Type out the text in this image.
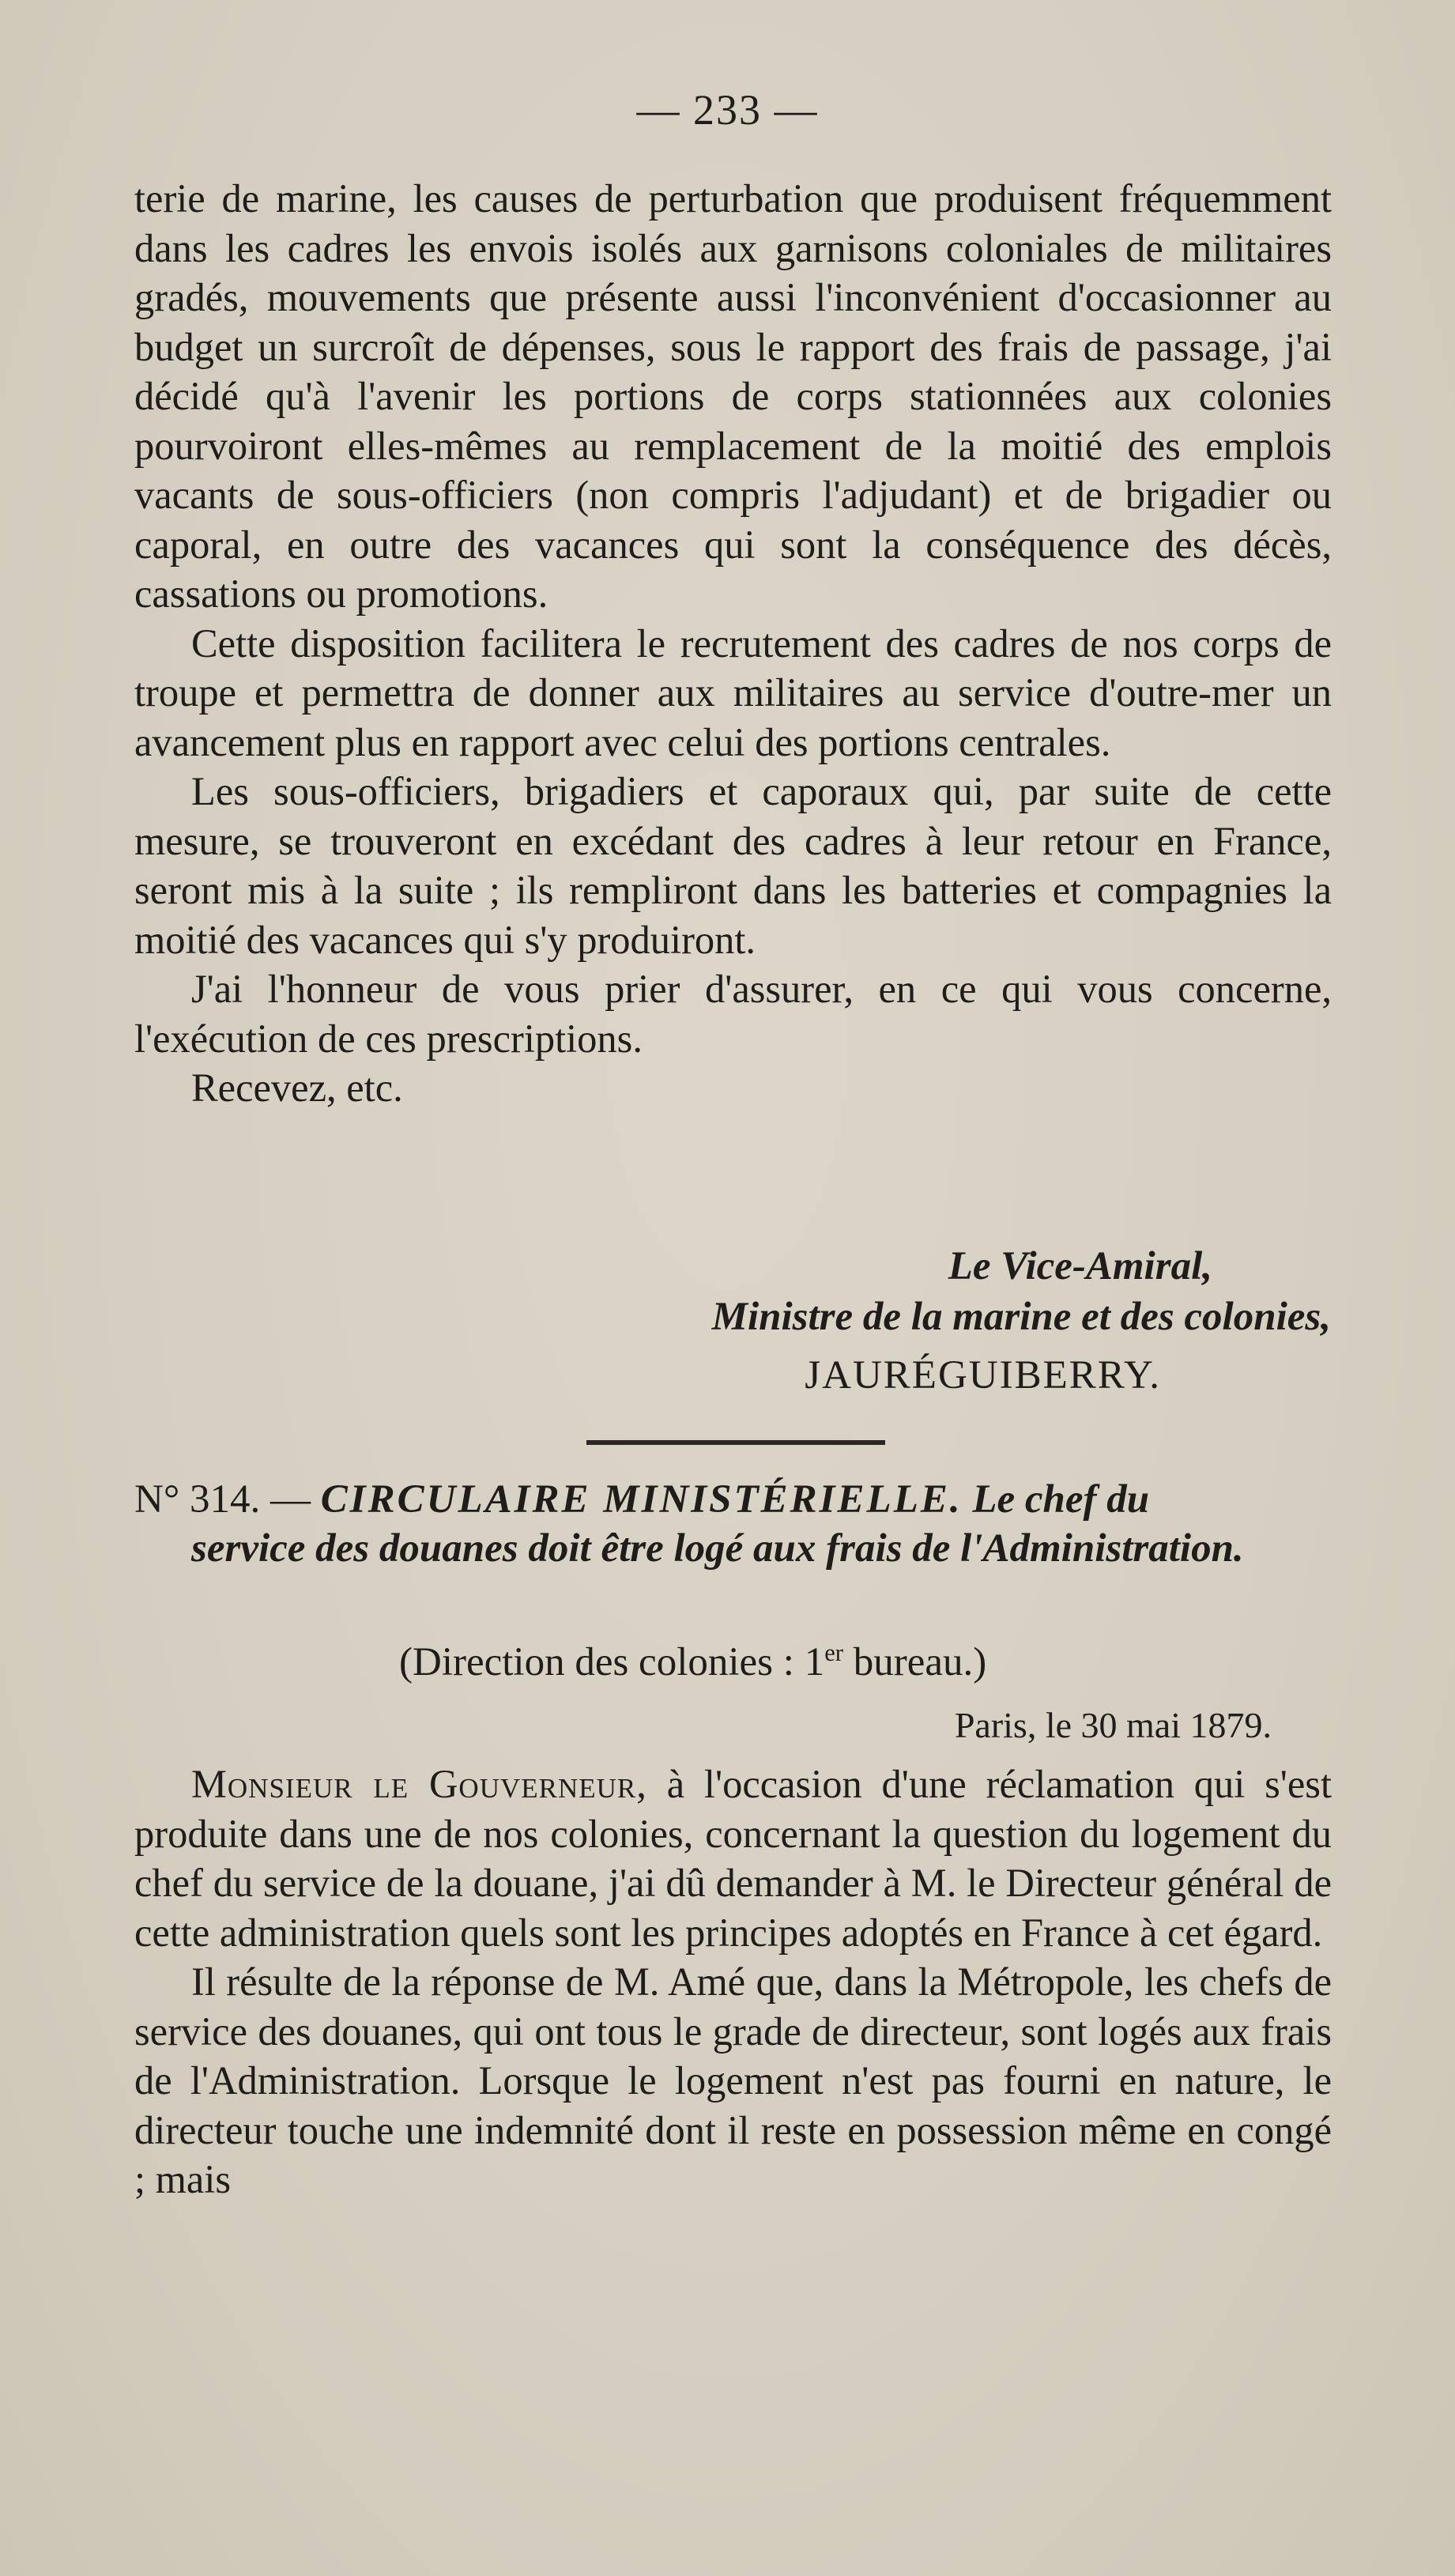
— 233 —

terie de marine, les causes de perturbation que produisent fréquemment dans les cadres les envois isolés aux garnisons coloniales de militaires gradés, mouvements que présente aussi l'inconvénient d'occasionner au budget un surcroît de dépenses, sous le rapport des frais de passage, j'ai décidé qu'à l'avenir les portions de corps stationnées aux colonies pourvoiront elles-mêmes au remplacement de la moitié des emplois vacants de sous-officiers (non compris l'adjudant) et de brigadier ou caporal, en outre des vacances qui sont la conséquence des décès, cassations ou promotions.

Cette disposition facilitera le recrutement des cadres de nos corps de troupe et permettra de donner aux militaires au service d'outre-mer un avancement plus en rapport avec celui des portions centrales.

Les sous-officiers, brigadiers et caporaux qui, par suite de cette mesure, se trouveront en excédant des cadres à leur retour en France, seront mis à la suite ; ils rempliront dans les batteries et compagnies la moitié des vacances qui s'y produiront.

J'ai l'honneur de vous prier d'assurer, en ce qui vous concerne, l'exécution de ces prescriptions.

Recevez, etc.

Le Vice-Amiral,
Ministre de la marine et des colonies,
JAURÉGUIBERRY.
N° 314. — CIRCULAIRE MINISTÉRIELLE. Le chef du
service des douanes doit être logé aux frais de l'Administration.
(Direction des colonies : 1er bureau.)
Paris, le 30 mai 1879.

Monsieur le Gouverneur, à l'occasion d'une réclamation qui s'est produite dans une de nos colonies, concernant la question du logement du chef du service de la douane, j'ai dû demander à M. le Directeur général de cette administration quels sont les principes adoptés en France à cet égard.

Il résulte de la réponse de M. Amé que, dans la Métropole, les chefs de service des douanes, qui ont tous le grade de directeur, sont logés aux frais de l'Administration. Lorsque le logement n'est pas fourni en nature, le directeur touche une indemnité dont il reste en possession même en congé ; mais
